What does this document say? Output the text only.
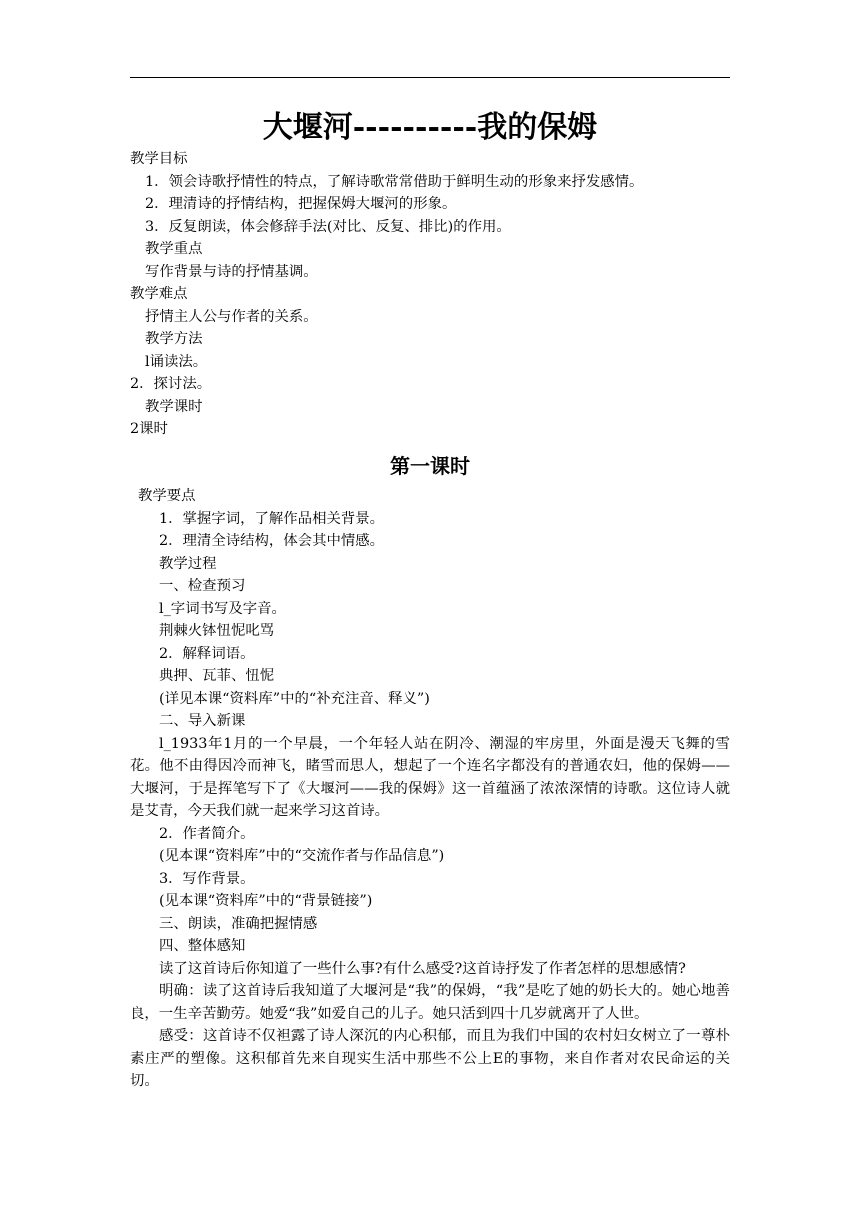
大堰河----------我的保姆
教学目标
1．领会诗歌抒情性的特点，了解诗歌常常借助于鲜明生动的形象来抒发感情。
2．理清诗的抒情结构，把握保姆大堰河的形象。
3．反复朗读，体会修辞手法(对比、反复、排比)的作用。
教学重点
写作背景与诗的抒情基调。
教学难点
抒情主人公与作者的关系。
教学方法
l诵读法。
2．探讨法。
教学课时
2课时
第一课时
教学要点
1．掌握字词，了解作品相关背景。
2．理清全诗结构，体会其中情感。
教学过程
一、检查预习
l_字词书写及字音。
荆棘火钵忸怩叱骂
2．解释词语。
典押、瓦菲、忸怩
(详见本课“资料库”中的“补充注音、释义”)
二、导入新课
l_1933年1月的一个早晨，一个年轻人站在阴冷、潮湿的牢房里，外面是漫天飞舞的雪花。他不由得因冷而神飞，睹雪而思人，想起了一个连名字都没有的普通农妇，他的保姆——大堰河，于是挥笔写下了《大堰河——我的保姆》这一首蕴涵了浓浓深情的诗歌。这位诗人就是艾青，今天我们就一起来学习这首诗。
2．作者简介。
(见本课“资料库”中的“交流作者与作品信息”)
3．写作背景。
(见本课“资料库”中的“背景链接”)
三、朗读，准确把握情感
四、整体感知
读了这首诗后你知道了一些什么事?有什么感受?这首诗抒发了作者怎样的思想感情?
明确：读了这首诗后我知道了大堰河是“我”的保姆，“我”是吃了她的奶长大的。她心地善良，一生辛苦勤劳。她爱“我”如爱自己的儿子。她只活到四十几岁就离开了人世。
感受：这首诗不仅袒露了诗人深沉的内心积郁，而且为我们中国的农村妇女树立了一尊朴素庄严的塑像。这积郁首先来自现实生活中那些不公上E的事物，来自作者对农民命运的关切。
